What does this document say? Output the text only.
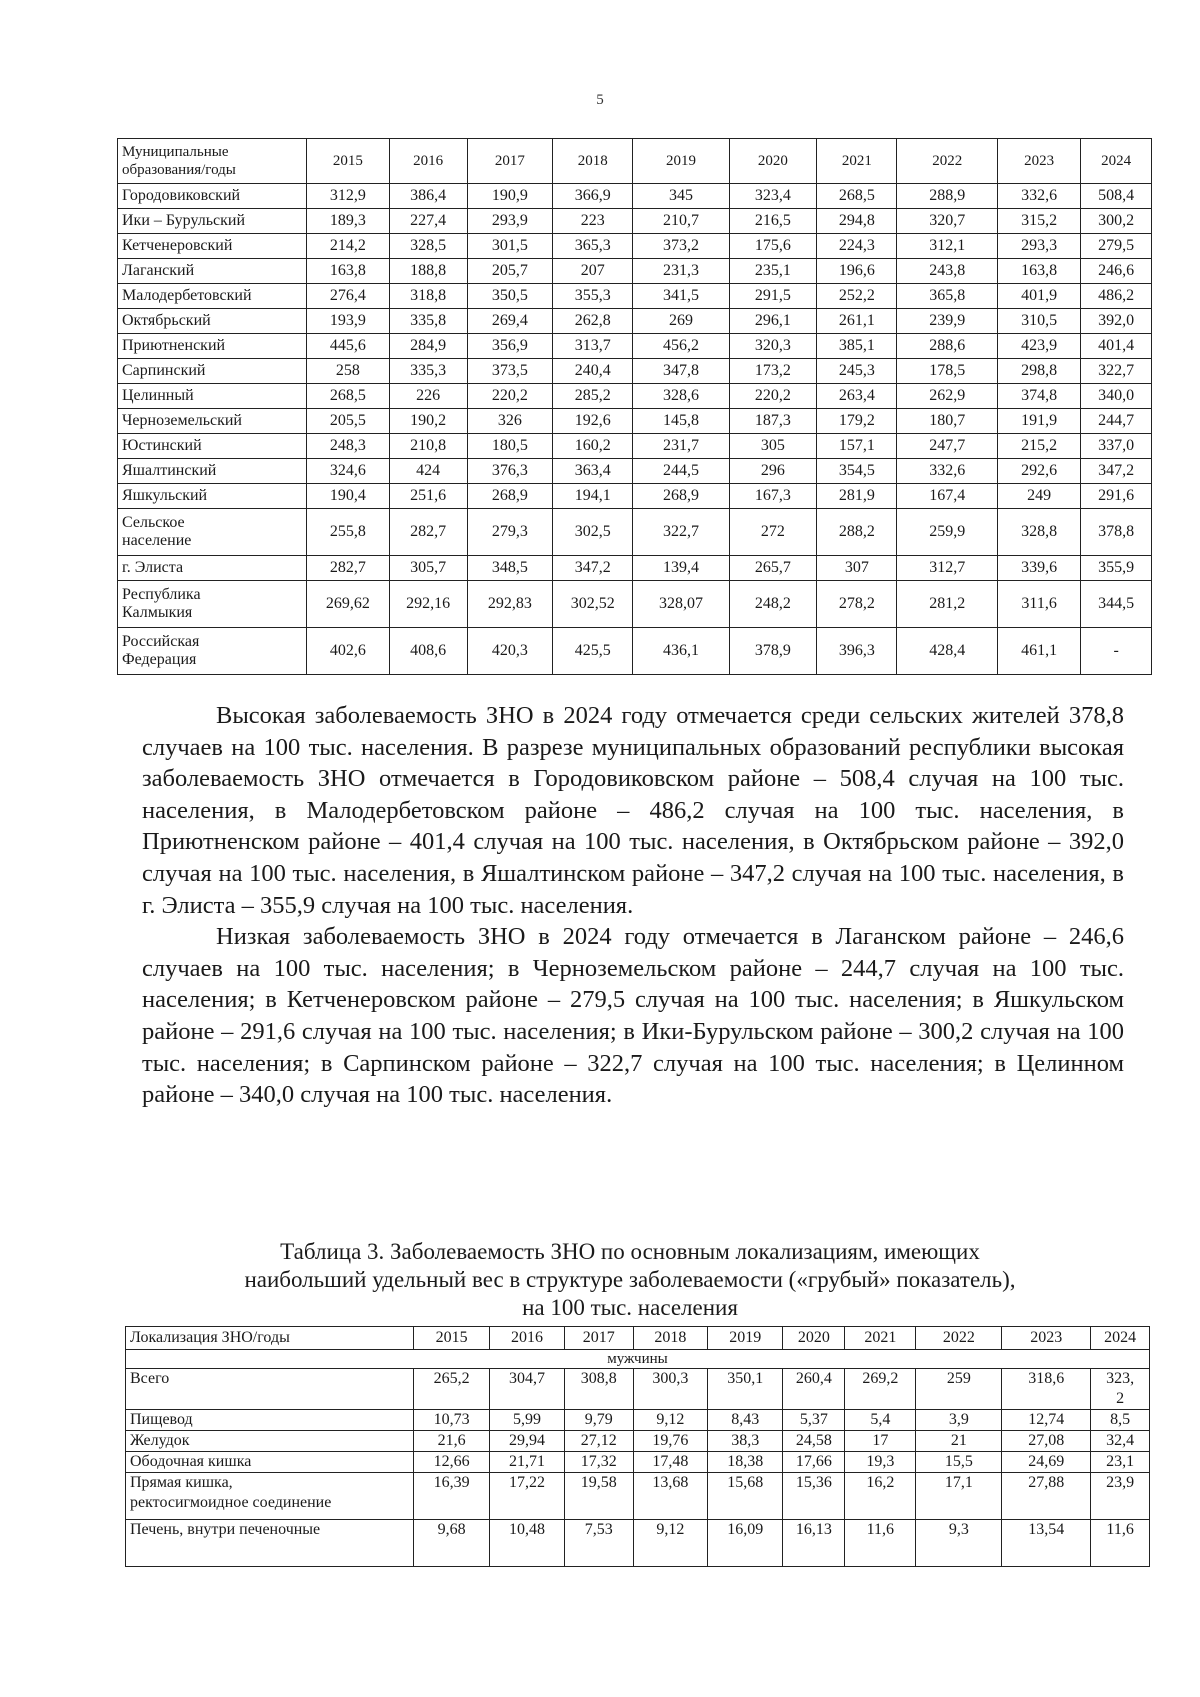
5
Муниципальные
образования/годы	2015	2016	2017	2018	2019	2020	2021	2022	2023	2024
Городовиковский	312,9	386,4	190,9	366,9	345	323,4	268,5	288,9	332,6	508,4
Ики – Бурульский	189,3	227,4	293,9	223	210,7	216,5	294,8	320,7	315,2	300,2
Кетченеровский	214,2	328,5	301,5	365,3	373,2	175,6	224,3	312,1	293,3	279,5
Лаганский	163,8	188,8	205,7	207	231,3	235,1	196,6	243,8	163,8	246,6
Малодербетовский	276,4	318,8	350,5	355,3	341,5	291,5	252,2	365,8	401,9	486,2
Октябрьский	193,9	335,8	269,4	262,8	269	296,1	261,1	239,9	310,5	392,0
Приютненский	445,6	284,9	356,9	313,7	456,2	320,3	385,1	288,6	423,9	401,4
Сарпинский	258	335,3	373,5	240,4	347,8	173,2	245,3	178,5	298,8	322,7
Целинный	268,5	226	220,2	285,2	328,6	220,2	263,4	262,9	374,8	340,0
Черноземельский	205,5	190,2	326	192,6	145,8	187,3	179,2	180,7	191,9	244,7
Юстинский	248,3	210,8	180,5	160,2	231,7	305	157,1	247,7	215,2	337,0
Яшалтинский	324,6	424	376,3	363,4	244,5	296	354,5	332,6	292,6	347,2
Яшкульский	190,4	251,6	268,9	194,1	268,9	167,3	281,9	167,4	249	291,6
Сельское
население	255,8	282,7	279,3	302,5	322,7	272	288,2	259,9	328,8	378,8
г. Элиста	282,7	305,7	348,5	347,2	139,4	265,7	307	312,7	339,6	355,9
Республика
Калмыкия	269,62	292,16	292,83	302,52	328,07	248,2	278,2	281,2	311,6	344,5
Российская
Федерация	402,6	408,6	420,3	425,5	436,1	378,9	396,3	428,4	461,1	-

Высокая заболеваемость ЗНО в 2024 году отмечается среди сельских жителей 378,8 случаев на 100 тыс. населения. В разрезе муниципальных образований республики высокая заболеваемость ЗНО отмечается в Городовиковском районе – 508,4 случая на 100 тыс. населения, в Малодербетовском районе – 486,2 случая на 100 тыс. населения, в Приютненском районе – 401,4 случая на 100 тыс. населения, в Октябрьском районе – 392,0 случая на 100 тыс. населения, в Яшалтинском районе – 347,2 случая на 100 тыс. населения, в г. Элиста – 355,9 случая на 100 тыс. населения.

Низкая заболеваемость ЗНО в 2024 году отмечается в Лаганском районе – 246,6 случаев на 100 тыс. населения; в Черноземельском районе – 244,7 случая на 100 тыс. населения; в Кетченеровском районе – 279,5 случая на 100 тыс. населения; в Яшкульском районе – 291,6 случая на 100 тыс. населения; в Ики-Бурульском районе – 300,2 случая на 100 тыс. населения; в Сарпинском районе – 322,7 случая на 100 тыс. населения; в Целинном районе – 340,0 случая на 100 тыс. населения.

Таблица 3. Заболеваемость ЗНО по основным локализациям, имеющих
наибольший удельный вес в структуре заболеваемости («грубый» показатель),
на 100 тыс. населения
Локализация ЗНО/годы	2015	2016	2017	2018	2019	2020	2021	2022	2023	2024
мужчины										
Всего	265,2	304,7	308,8	300,3	350,1	260,4	269,2	259	318,6	323,
2
Пищевод	10,73	5,99	9,79	9,12	8,43	5,37	5,4	3,9	12,74	8,5
Желудок	21,6	29,94	27,12	19,76	38,3	24,58	17	21	27,08	32,4
Ободочная кишка	12,66	21,71	17,32	17,48	18,38	17,66	19,3	15,5	24,69	23,1
Прямая кишка,
ректосигмоидное соединение	16,39	17,22	19,58	13,68	15,68	15,36	16,2	17,1	27,88	23,9
Печень, внутри печеночные	9,68	10,48	7,53	9,12	16,09	16,13	11,6	9,3	13,54	11,6
